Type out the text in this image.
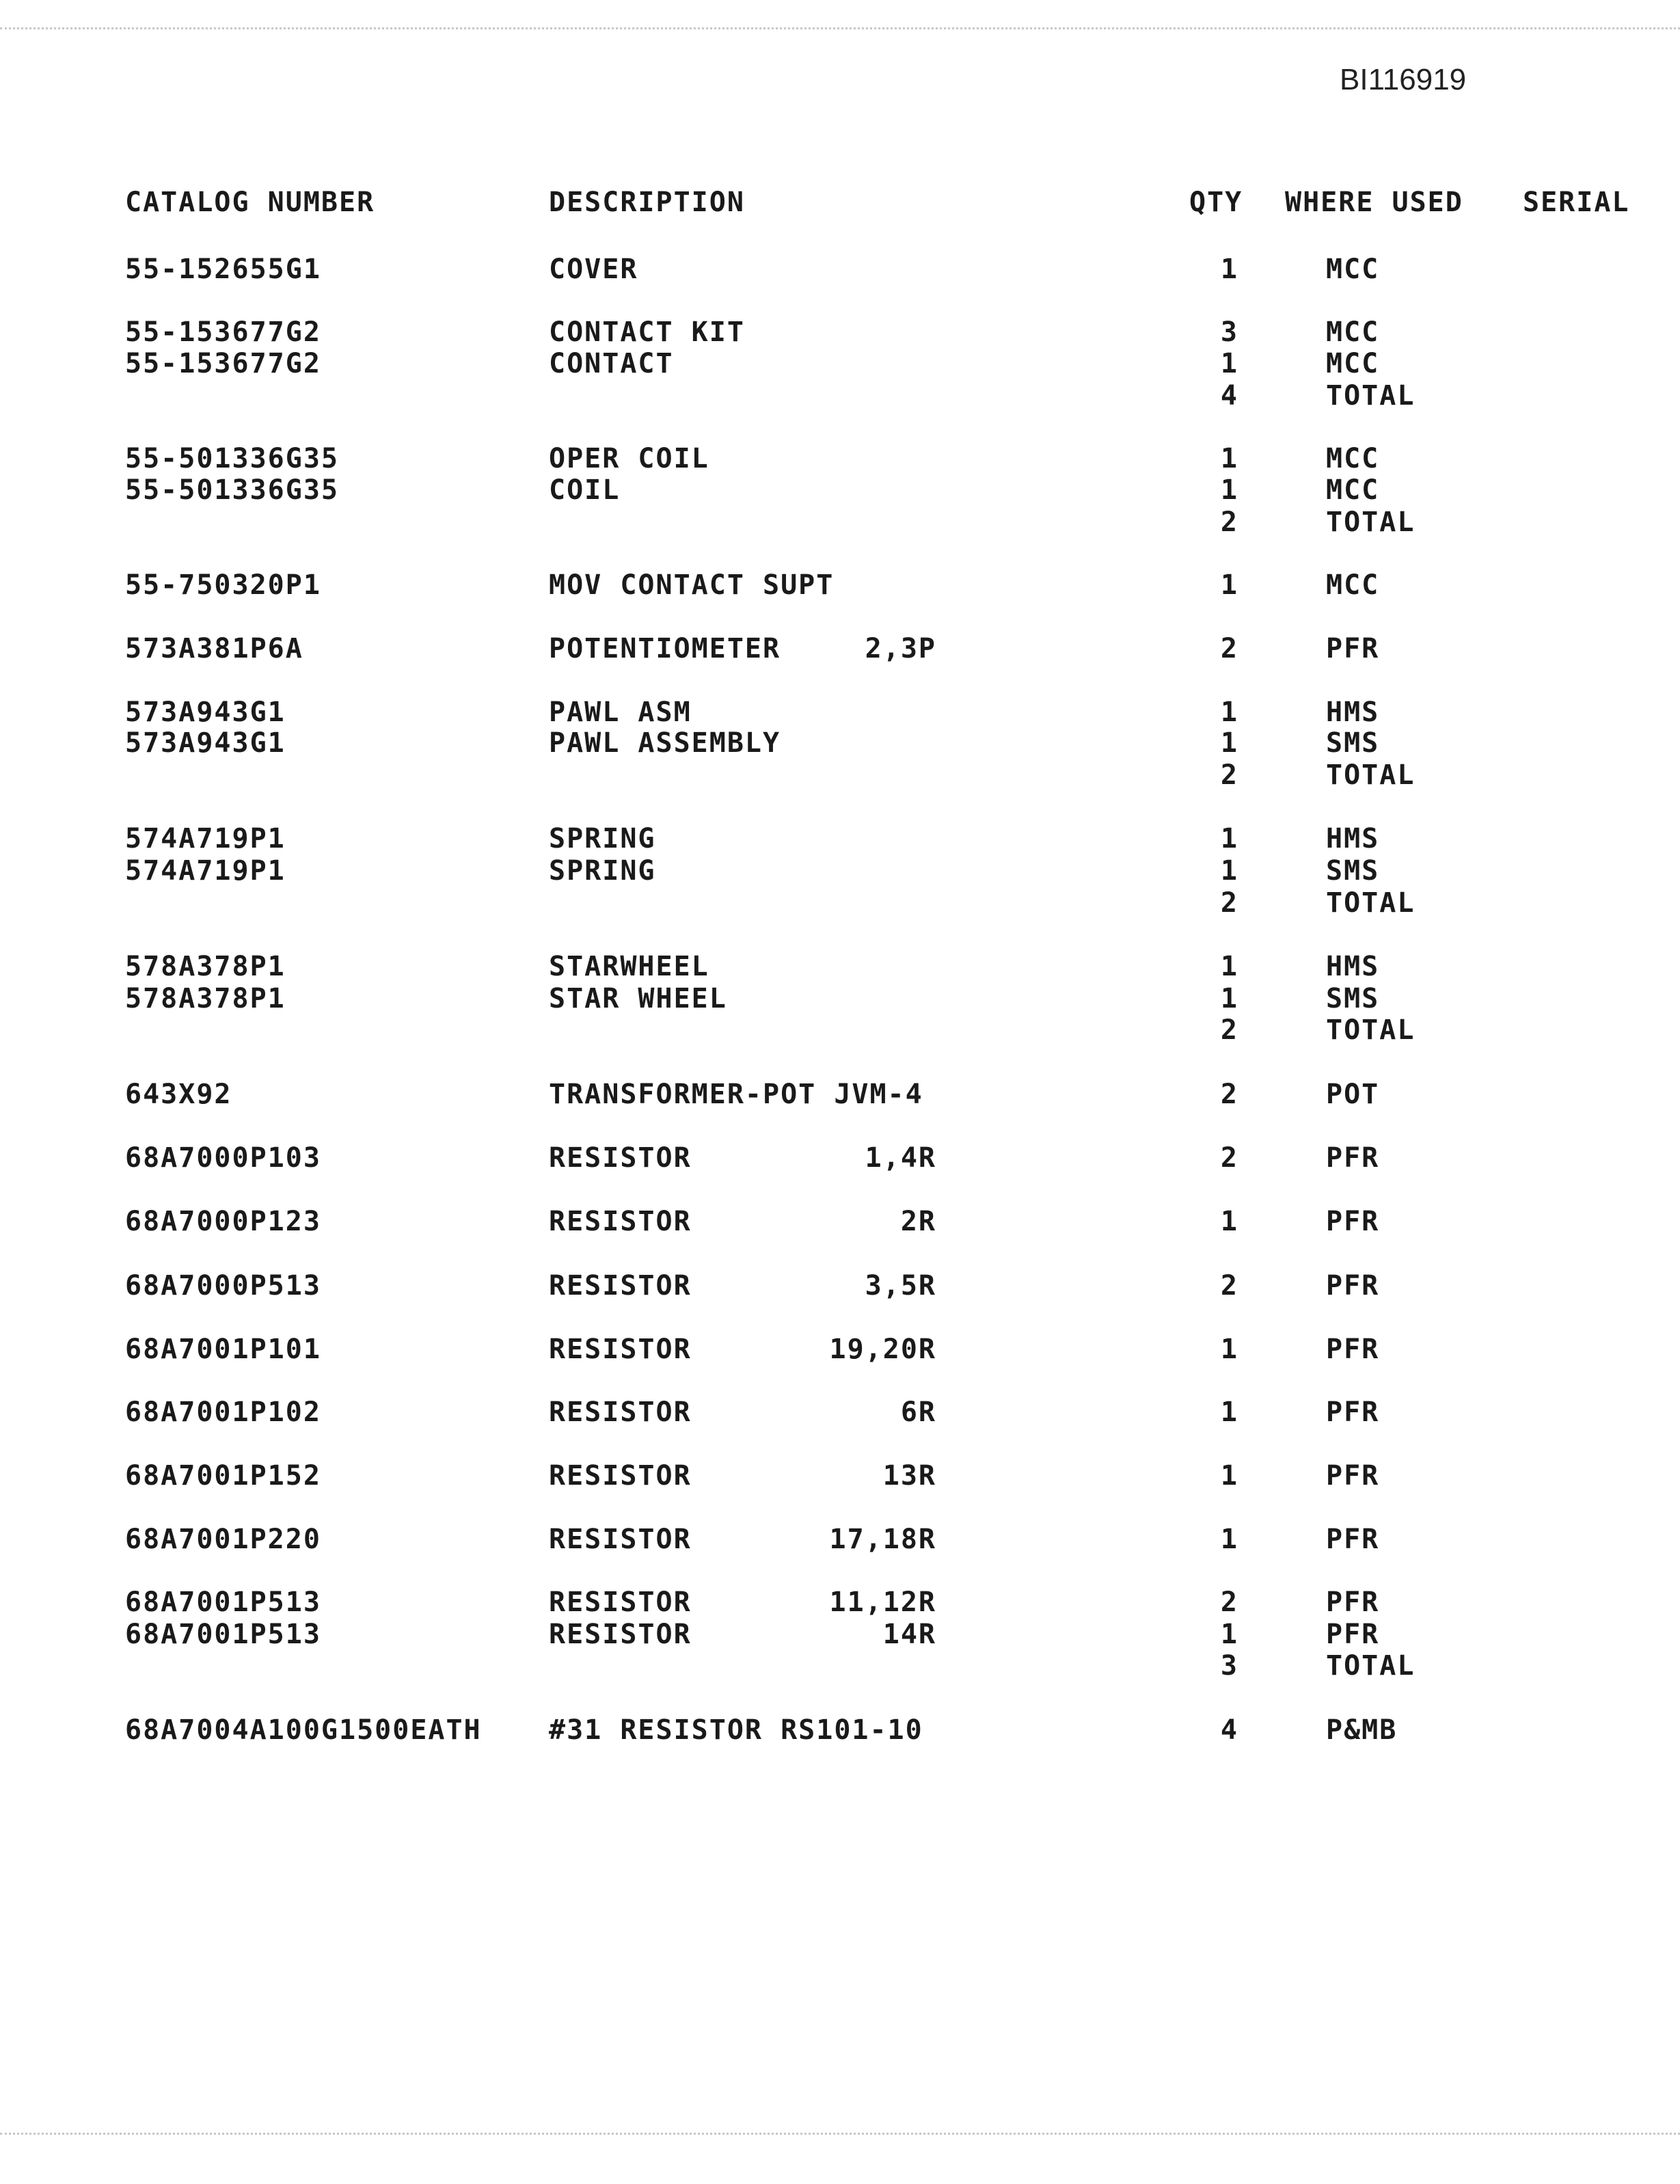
BI116919
CATALOG NUMBER	DESCRIPTION	QTY WHERE USED SERIAL
55-152655G1	COVER	1	MCC
55-153677G2	CONTACT KIT	3	MCC
55-153677G2	CONTACT	1	MCC
4	TOTAL
55-501336G35	OPER COIL	1	MCC
55-501336G35	COIL	1	MCC
2	TOTAL
55-750320P1	MOV CONTACT SUPT	1	MCC
573A381P6A	POTENTIOMETER	2,3P	2	PFR
573A943G1	PAWL ASM	1	HMS
573A943G1	PAWL ASSEMBLY	1	SMS
2	TOTAL
574A719P1	SPRING	1	HMS
574A719P1	SPRING	1	SMS
2	TOTAL
578A378P1	STARWHEEL	1	HMS
578A378P1	STAR WHEEL	1	SMS
2	TOTAL
643X92	TRANSFORMER-POT JVM-4	2	POT
68A7000P103	RESISTOR	1,4R	2	PFR
68A7000P123	RESISTOR	2R	1	PFR
68A7000P513	RESISTOR	3,5R	2	PFR
68A7001P101	RESISTOR	19,20R	1	PFR
68A7001P102	RESISTOR	6R	1	PFR
68A7001P152	RESISTOR	13R	1	PFR
68A7001P220	RESISTOR	17,18R	1	PFR
68A7001P513	RESISTOR	11,12R	2	PFR
68A7001P513	RESISTOR	14R	1	PFR
3	TOTAL
68A7004A100G1500EATH #31 RESISTOR RS101-10	4	P&MB
